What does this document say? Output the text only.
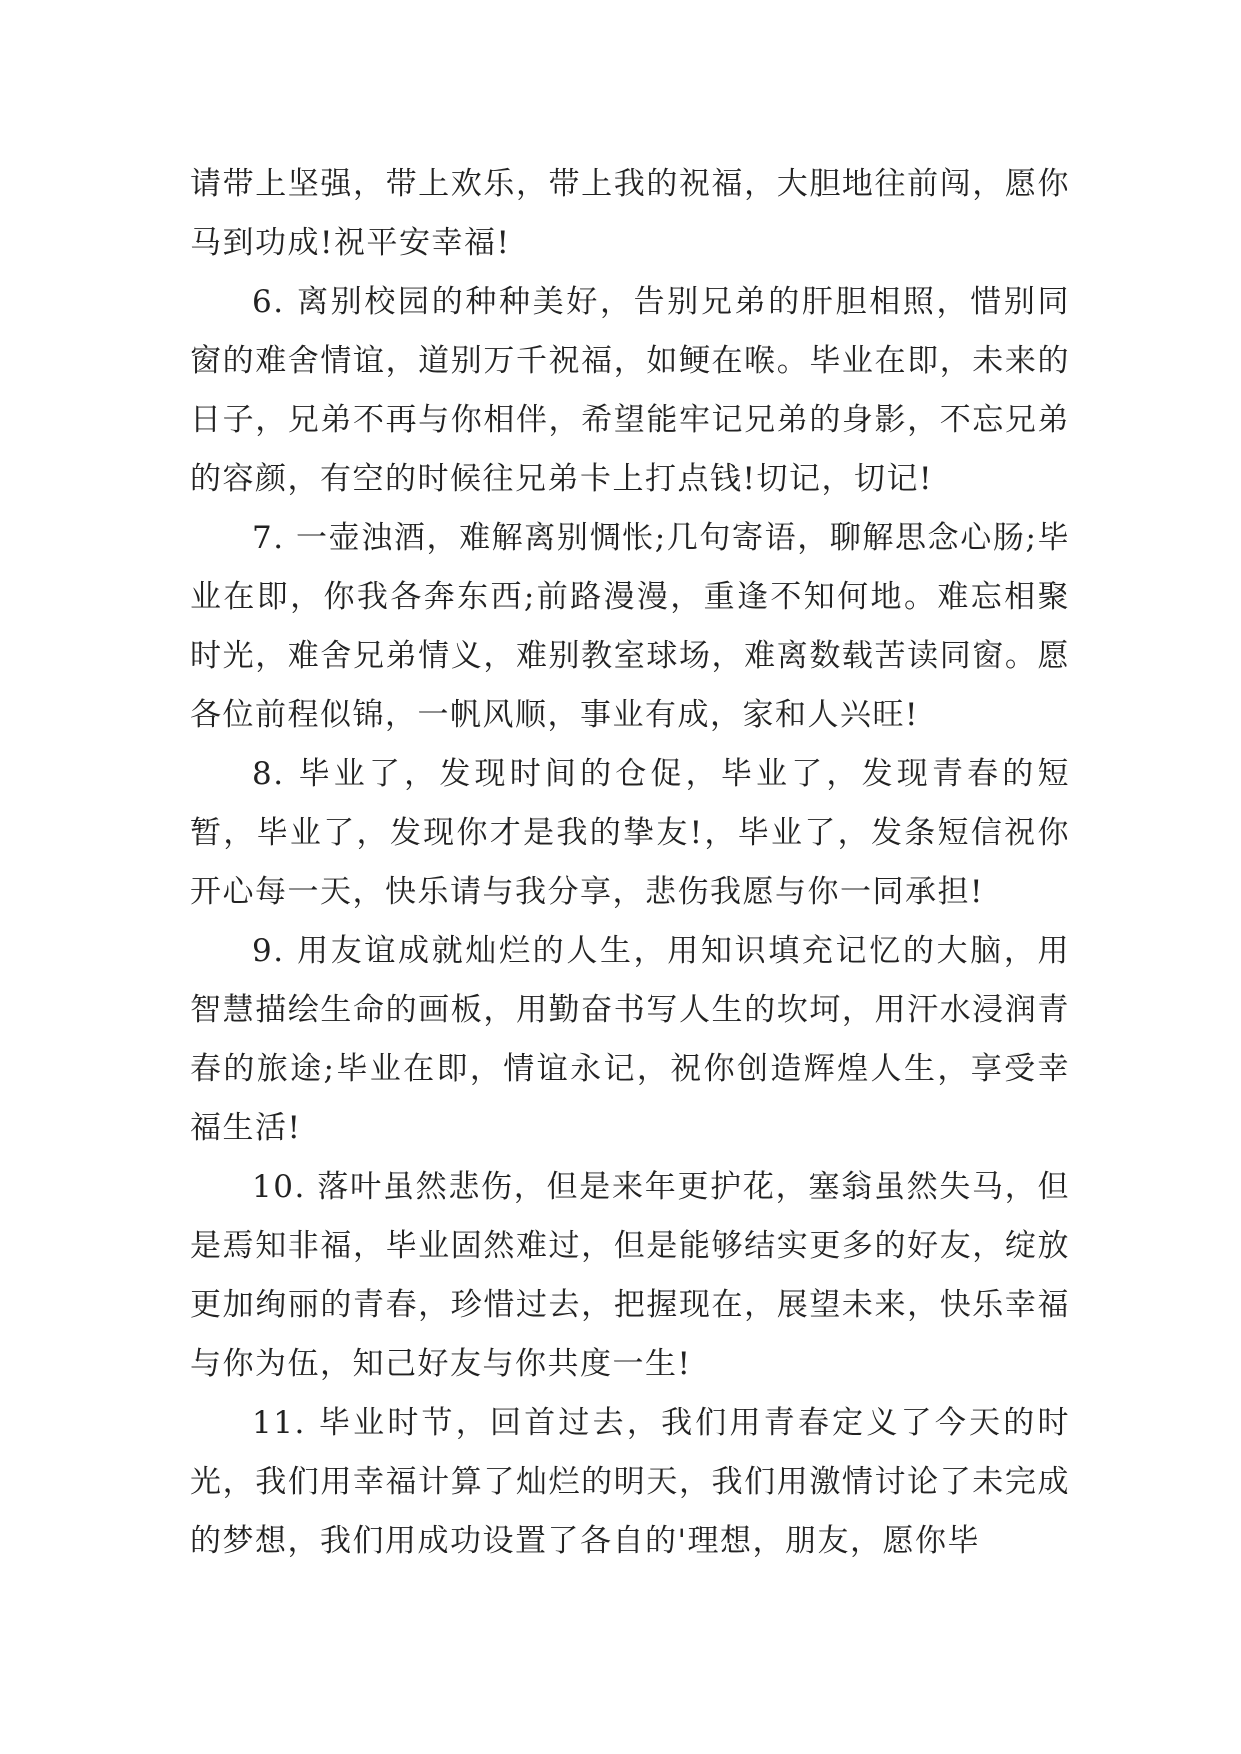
请带上坚强，带上欢乐，带上我的祝福，大胆地往前闯，愿你马到功成!祝平安幸福!

6. 离别校园的种种美好，告别兄弟的肝胆相照，惜别同窗的难舍情谊，道别万千祝福，如鲠在喉。毕业在即，未来的日子，兄弟不再与你相伴，希望能牢记兄弟的身影，不忘兄弟的容颜，有空的时候往兄弟卡上打点钱!切记，切记!

7. 一壶浊酒，难解离别惆怅;几句寄语，聊解思念心肠;毕业在即，你我各奔东西;前路漫漫，重逢不知何地。难忘相聚时光，难舍兄弟情义，难别教室球场，难离数载苦读同窗。愿各位前程似锦，一帆风顺，事业有成，家和人兴旺!

8. 毕业了，发现时间的仓促，毕业了，发现青春的短暂，毕业了，发现你才是我的挚友!，毕业了，发条短信祝你开心每一天，快乐请与我分享，悲伤我愿与你一同承担!

9. 用友谊成就灿烂的人生，用知识填充记忆的大脑，用智慧描绘生命的画板，用勤奋书写人生的坎坷，用汗水浸润青春的旅途;毕业在即，情谊永记，祝你创造辉煌人生，享受幸福生活!

10. 落叶虽然悲伤，但是来年更护花，塞翁虽然失马，但是焉知非福，毕业固然难过，但是能够结实更多的好友，绽放更加绚丽的青春，珍惜过去，把握现在，展望未来，快乐幸福与你为伍，知己好友与你共度一生!

11. 毕业时节，回首过去，我们用青春定义了今天的时光，我们用幸福计算了灿烂的明天，我们用激情讨论了未完成的梦想，我们用成功设置了各自的'理想，朋友，愿你毕
